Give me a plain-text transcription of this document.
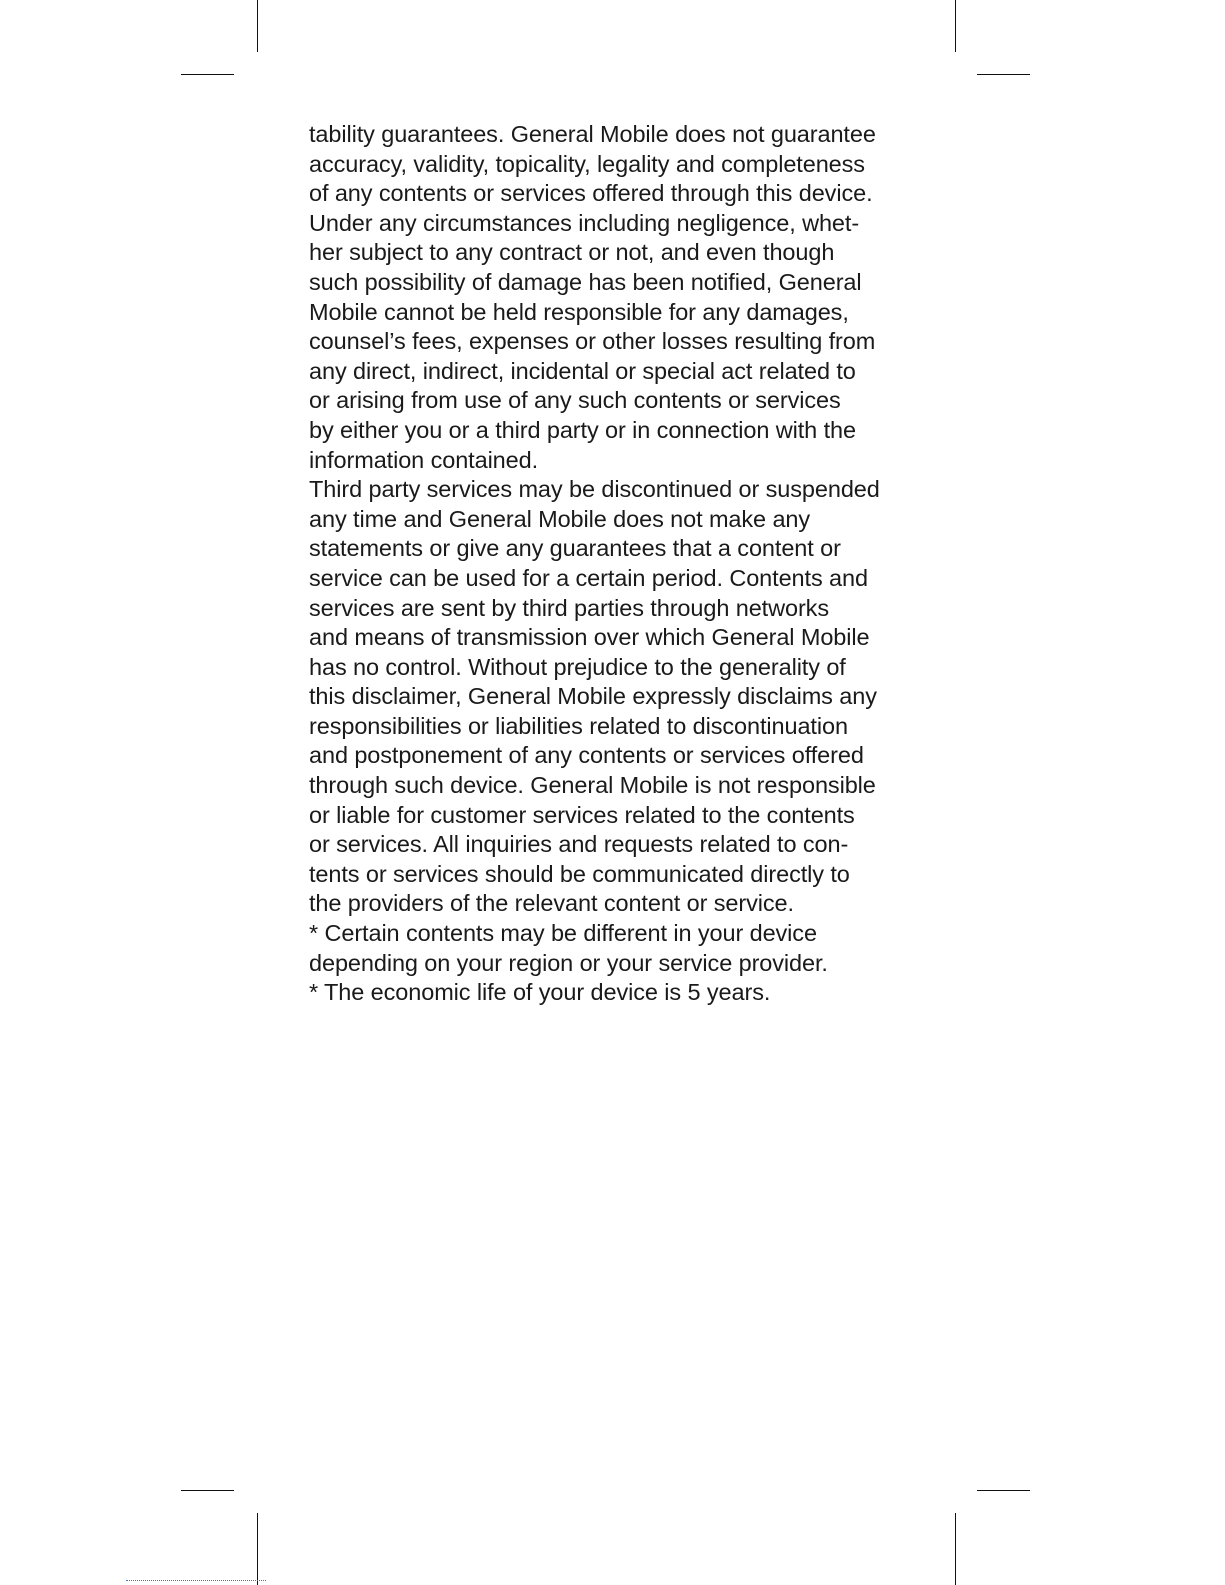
tability guarantees. General Mobile does not guarantee
accuracy, validity, topicality, legality and completeness
of any contents or services offered through this device.
Under any circumstances including negligence, whet-
her subject to any contract or not, and even though
such possibility of damage has been notified, General
Mobile cannot be held responsible for any damages,
counsel’s fees, expenses or other losses resulting from
any direct, indirect, incidental or special act related to
or arising from use of any such contents or services
by either you or a third party or in connection with the
information contained.
Third party services may be discontinued or suspended
any time and General Mobile does not make any
statements or give any guarantees that a content or
service can be used for a certain period. Contents and
services are sent by third parties through networks
and means of transmission over which General Mobile
has no control. Without prejudice to the generality of
this disclaimer, General Mobile expressly disclaims any
responsibilities or liabilities related to discontinuation
and postponement of any contents or services offered
through such device. General Mobile is not responsible
or liable for customer services related to the contents
or services. All inquiries and requests related to con-
tents or services should be communicated directly to
the providers of the relevant content or service.
* Certain contents may be different in your device
depending on your region or your service provider.
* The economic life of your device is 5 years.
